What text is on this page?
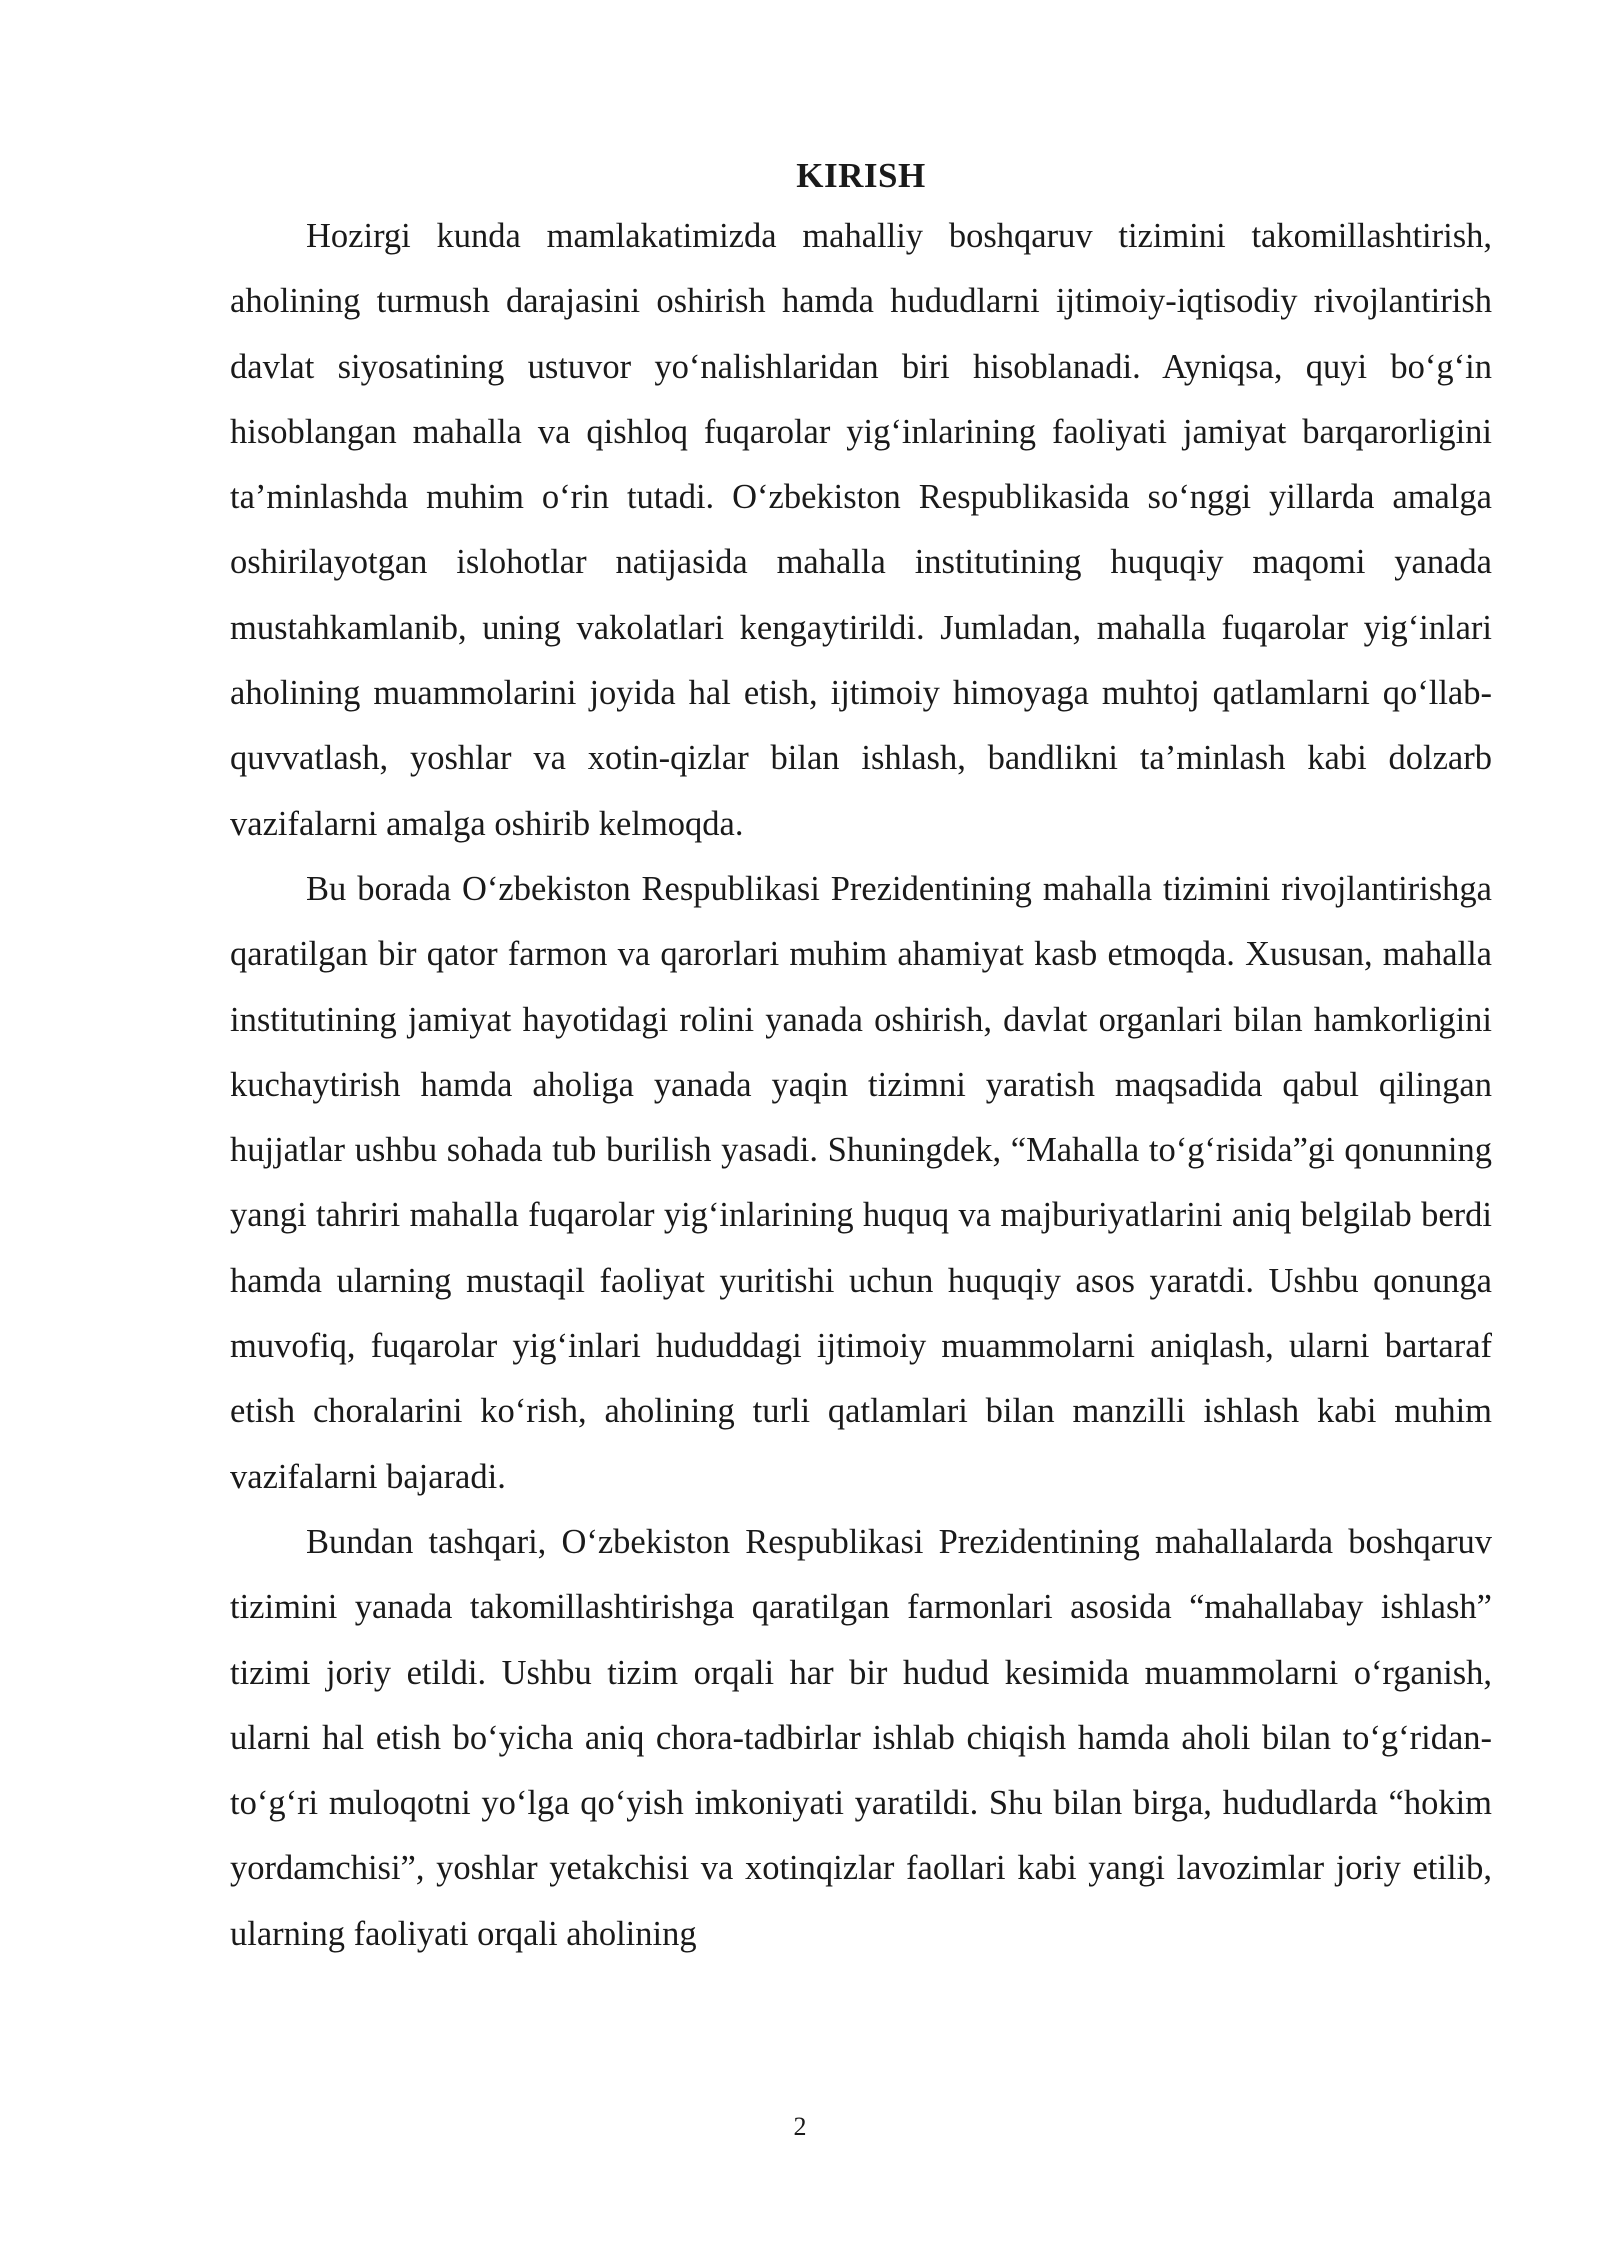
KIRISH

Hozirgi kunda mamlakatimizda mahalliy boshqaruv tizimini takomillashtirish, aholining turmush darajasini oshirish hamda hududlarni ijtimoiy-iqtisodiy rivojlantirish davlat siyosatining ustuvor yo‘nalishlaridan biri hisoblanadi. Ayniqsa, quyi bo‘g‘in hisoblangan mahalla va qishloq fuqarolar yig‘inlarining faoliyati jamiyat barqarorligini ta’minlashda muhim o‘rin tutadi. O‘zbekiston Respublikasida so‘nggi yillarda amalga oshirilayotgan islohotlar natijasida mahalla institutining huquqiy maqomi yanada mustahkamlanib, uning vakolatlari kengaytirildi. Jumladan, mahalla fuqarolar yig‘inlari aholining muammolarini joyida hal etish, ijtimoiy himoyaga muhtoj qatlamlarni qo‘llab-quvvatlash, yoshlar va xotin-qizlar bilan ishlash, bandlikni ta’minlash kabi dolzarb vazifalarni amalga oshirib kelmoqda.

Bu borada O‘zbekiston Respublikasi Prezidentining mahalla tizimini rivojlantirishga qaratilgan bir qator farmon va qarorlari muhim ahamiyat kasb etmoqda. Xususan, mahalla institutining jamiyat hayotidagi rolini yanada oshirish, davlat organlari bilan hamkorligini kuchaytirish hamda aholiga yanada yaqin tizimni yaratish maqsadida qabul qilingan hujjatlar ushbu sohada tub burilish yasadi. Shuningdek, “Mahalla to‘g‘risida”gi qonunning yangi tahriri mahalla fuqarolar yig‘inlarining huquq va majburiyatlarini aniq belgilab berdi hamda ularning mustaqil faoliyat yuritishi uchun huquqiy asos yaratdi. Ushbu qonunga muvofiq, fuqarolar yig‘inlari hududdagi ijtimoiy muammolarni aniqlash, ularni bartaraf etish choralarini ko‘rish, aholining turli qatlamlari bilan manzilli ishlash kabi muhim vazifalarni bajaradi.

Bundan tashqari, O‘zbekiston Respublikasi Prezidentining mahallalarda boshqaruv tizimini yanada takomillashtirishga qaratilgan farmonlari asosida “mahallabay ishlash” tizimi joriy etildi. Ushbu tizim orqali har bir hudud kesimida muammolarni o‘rganish, ularni hal etish bo‘yicha aniq chora-tadbirlar ishlab chiqish hamda aholi bilan to‘g‘ridan-to‘g‘ri muloqotni yo‘lga qo‘yish imkoniyati yaratildi. Shu bilan birga, hududlarda “hokim yordamchisi”, yoshlar yetakchisi va xotinqizlar faollari kabi yangi lavozimlar joriy etilib, ularning faoliyati orqali aholining

2
